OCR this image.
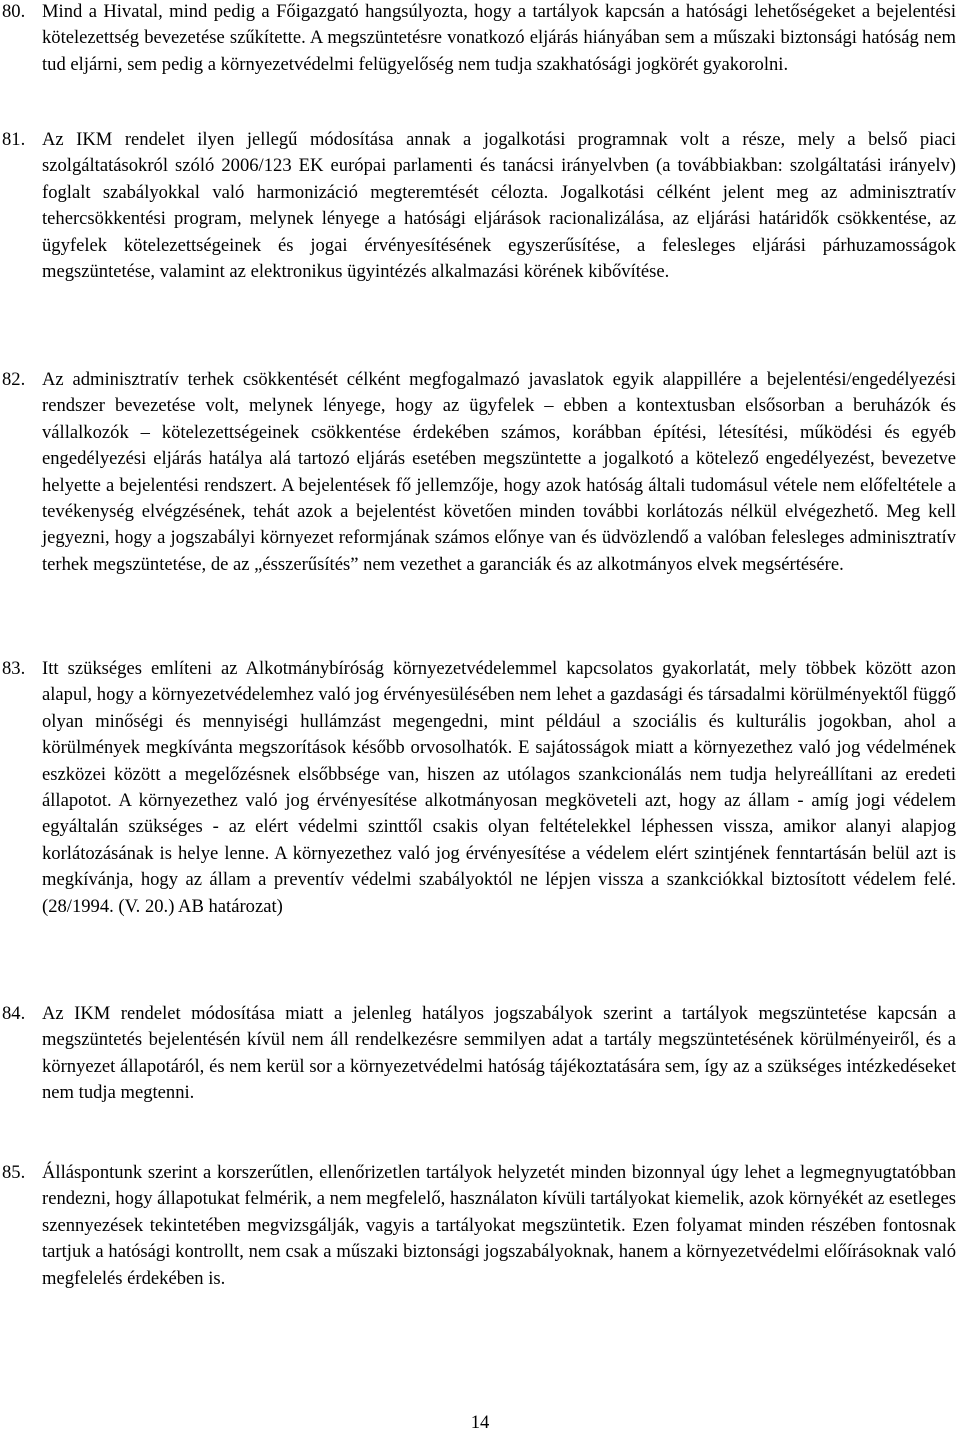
80. Mind a Hivatal, mind pedig a Főigazgató hangsúlyozta, hogy a tartályok kapcsán a hatósági lehetőségeket a bejelentési kötelezettség bevezetése szűkítette. A megszüntetésre vonatkozó eljárás hiányában sem a műszaki biztonsági hatóság nem tud eljárni, sem pedig a környezetvédelmi felügyelőség nem tudja szakhatósági jogkörét gyakorolni.
81. Az IKM rendelet ilyen jellegű módosítása annak a jogalkotási programnak volt a része, mely a belső piaci szolgáltatásokról szóló 2006/123 EK európai parlamenti és tanácsi irányelvben (a továbbiakban: szolgáltatási irányelv) foglalt szabályokkal való harmonizáció megteremtését célozta. Jogalkotási célként jelent meg az adminisztratív tehercsökkentési program, melynek lényege a hatósági eljárások racionalizálása, az eljárási határidők csökkentése, az ügyfelek kötelezettségeinek és jogai érvényesítésének egyszerűsítése, a felesleges eljárási párhuzamosságok megszüntetése, valamint az elektronikus ügyintézés alkalmazási körének kibővítése.
82. Az adminisztratív terhek csökkentését célként megfogalmazó javaslatok egyik alappillére a bejelentési/engedélyezési rendszer bevezetése volt, melynek lényege, hogy az ügyfelek – ebben a kontextusban elsősorban a beruházók és vállalkozók – kötelezettségeinek csökkentése érdekében számos, korábban építési, létesítési, működési és egyéb engedélyezési eljárás hatálya alá tartozó eljárás esetében megszüntette a jogalkotó a kötelező engedélyezést, bevezetve helyette a bejelentési rendszert. A bejelentések fő jellemzője, hogy azok hatóság általi tudomásul vétele nem előfeltétele a tevékenység elvégzésének, tehát azok a bejelentést követően minden további korlátozás nélkül elvégezhető. Meg kell jegyezni, hogy a jogszabályi környezet reformjának számos előnye van és üdvözlendő a valóban felesleges adminisztratív terhek megszüntetése, de az „ésszerűsítés” nem vezethet a garanciák és az alkotmányos elvek megsértésére.
83. Itt szükséges említeni az Alkotmánybíróság környezetvédelemmel kapcsolatos gyakorlatát, mely többek között azon alapul, hogy a környezetvédelemhez való jog érvényesülésében nem lehet a gazdasági és társadalmi körülményektől függő olyan minőségi és mennyiségi hullámzást megengedni, mint például a szociális és kulturális jogokban, ahol a körülmények megkívánta megszorítások később orvosolhatók. E sajátosságok miatt a környezethez való jog védelmének eszközei között a megelőzésnek elsőbbsége van, hiszen az utólagos szankcionálás nem tudja helyreállítani az eredeti állapotot. A környezethez való jog érvényesítése alkotmányosan megköveteli azt, hogy az állam - amíg jogi védelem egyáltalán szükséges - az elért védelmi szinttől csakis olyan feltételekkel léphessen vissza, amikor alanyi alapjog korlátozásának is helye lenne. A környezethez való jog érvényesítése a védelem elért szintjének fenntartásán belül azt is megkívánja, hogy az állam a preventív védelmi szabályoktól ne lépjen vissza a szankciókkal biztosított védelem felé. (28/1994. (V. 20.) AB határozat)
84. Az IKM rendelet módosítása miatt a jelenleg hatályos jogszabályok szerint a tartályok megszüntetése kapcsán a megszüntetés bejelentésén kívül nem áll rendelkezésre semmilyen adat a tartály megszüntetésének körülményeiről, és a környezet állapotáról, és nem kerül sor a környezetvédelmi hatóság tájékoztatására sem, így az a szükséges intézkedéseket nem tudja megtenni.
85. Álláspontunk szerint a korszerűtlen, ellenőrizetlen tartályok helyzetét minden bizonnyal úgy lehet a legmegnyugtatóbban rendezni, hogy állapotukat felmérik, a nem megfelelő, használaton kívüli tartályokat kiemelik, azok környékét az esetleges szennyezések tekintetében megvizsgálják, vagyis a tartályokat megszüntetik. Ezen folyamat minden részében fontosnak tartjuk a hatósági kontrollt, nem csak a műszaki biztonsági jogszabályoknak, hanem a környezetvédelmi előírásoknak való megfelelés érdekében is.
14
